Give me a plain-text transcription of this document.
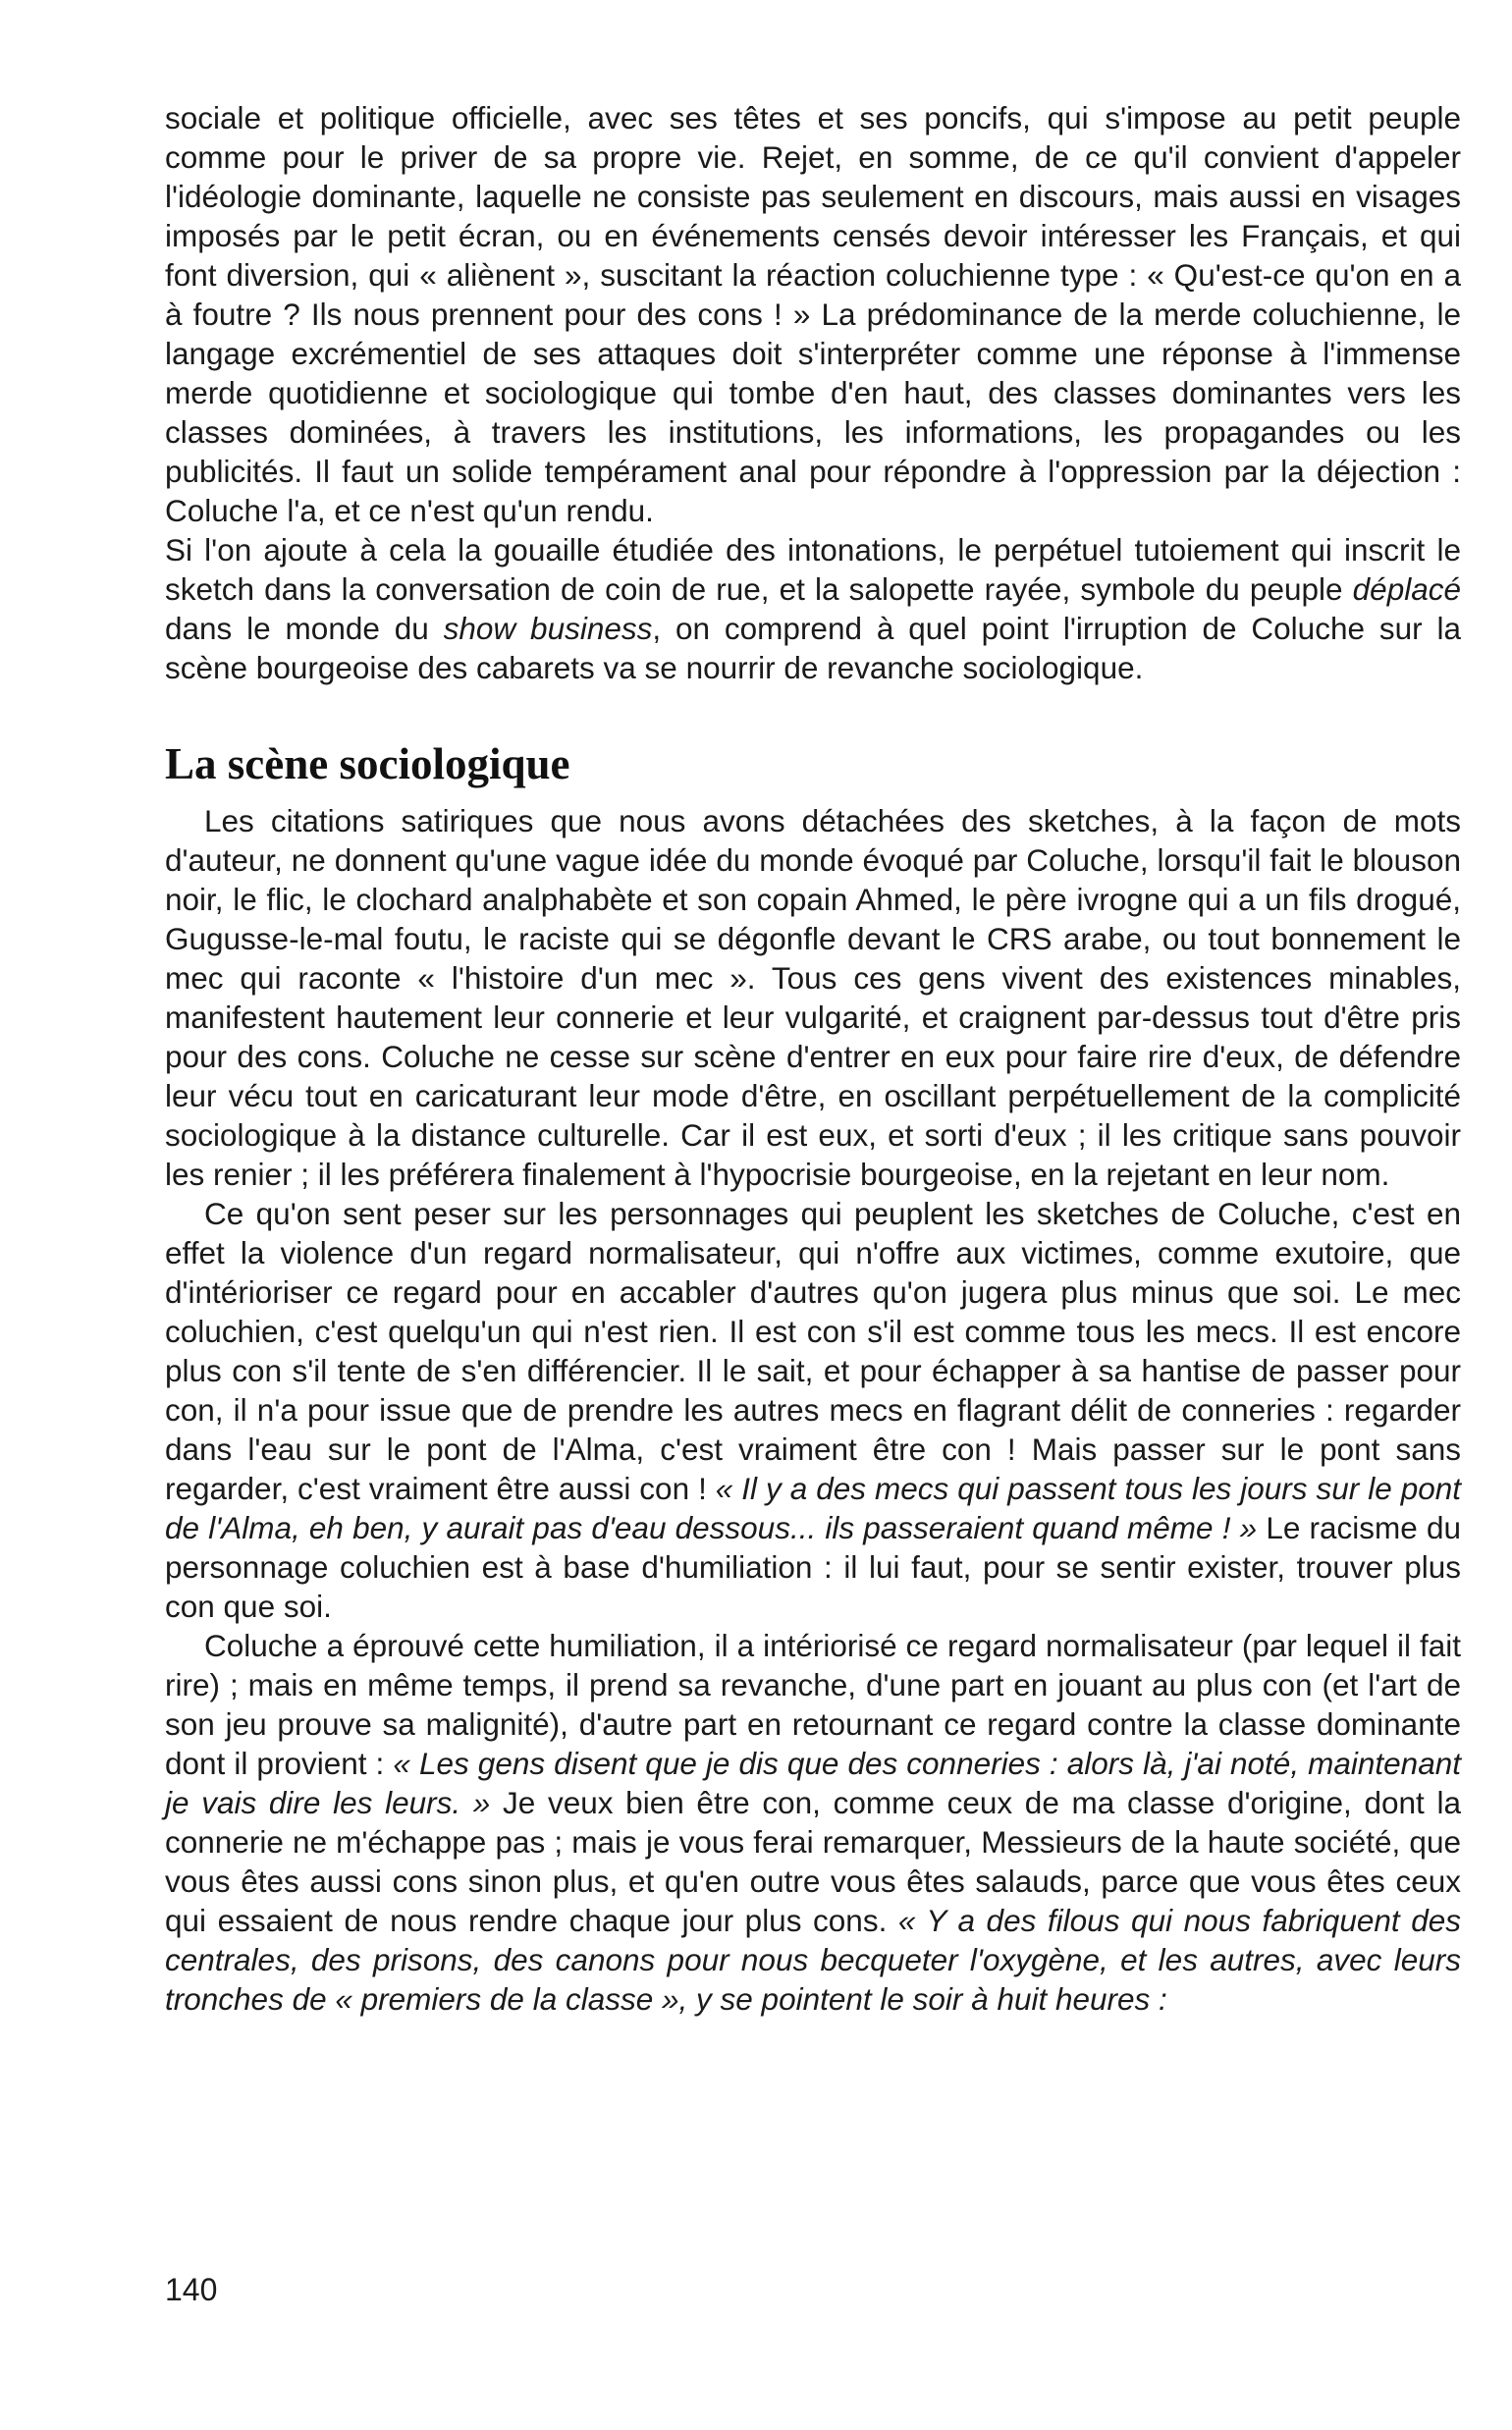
sociale et politique officielle, avec ses têtes et ses poncifs, qui s'impose au petit peuple comme pour le priver de sa propre vie. Rejet, en somme, de ce qu'il convient d'appeler l'idéologie dominante, laquelle ne consiste pas seulement en discours, mais aussi en visages imposés par le petit écran, ou en événements censés devoir intéresser les Français, et qui font diversion, qui « aliènent », suscitant la réaction coluchienne type : « Qu'est-ce qu'on en a à foutre ? Ils nous prennent pour des cons ! » La prédominance de la merde coluchienne, le langage excrémentiel de ses attaques doit s'interpréter comme une réponse à l'immense merde quotidienne et sociologique qui tombe d'en haut, des classes dominantes vers les classes dominées, à travers les institutions, les informations, les propagandes ou les publicités. Il faut un solide tempérament anal pour répondre à l'oppression par la déjection : Coluche l'a, et ce n'est qu'un rendu.

Si l'on ajoute à cela la gouaille étudiée des intonations, le perpétuel tutoiement qui inscrit le sketch dans la conversation de coin de rue, et la salopette rayée, symbole du peuple déplacé dans le monde du show business, on comprend à quel point l'irruption de Coluche sur la scène bourgeoise des cabarets va se nourrir de revanche sociologique.

La scène sociologique

Les citations satiriques que nous avons détachées des sketches, à la façon de mots d'auteur, ne donnent qu'une vague idée du monde évoqué par Coluche, lorsqu'il fait le blouson noir, le flic, le clochard analphabète et son copain Ahmed, le père ivrogne qui a un fils drogué, Gugusse-le-mal foutu, le raciste qui se dégonfle devant le CRS arabe, ou tout bonnement le mec qui raconte « l'histoire d'un mec ». Tous ces gens vivent des existences minables, manifestent hautement leur connerie et leur vulgarité, et craignent par-dessus tout d'être pris pour des cons. Coluche ne cesse sur scène d'entrer en eux pour faire rire d'eux, de défendre leur vécu tout en caricaturant leur mode d'être, en oscillant perpétuellement de la complicité sociologique à la distance culturelle. Car il est eux, et sorti d'eux ; il les critique sans pouvoir les renier ; il les préférera finalement à l'hypocrisie bourgeoise, en la rejetant en leur nom.

Ce qu'on sent peser sur les personnages qui peuplent les sketches de Coluche, c'est en effet la violence d'un regard normalisateur, qui n'offre aux victimes, comme exutoire, que d'intérioriser ce regard pour en accabler d'autres qu'on jugera plus minus que soi. Le mec coluchien, c'est quelqu'un qui n'est rien. Il est con s'il est comme tous les mecs. Il est encore plus con s'il tente de s'en différencier. Il le sait, et pour échapper à sa hantise de passer pour con, il n'a pour issue que de prendre les autres mecs en flagrant délit de conneries : regarder dans l'eau sur le pont de l'Alma, c'est vraiment être con ! Mais passer sur le pont sans regarder, c'est vraiment être aussi con ! « Il y a des mecs qui passent tous les jours sur le pont de l'Alma, eh ben, y aurait pas d'eau dessous... ils passeraient quand même ! » Le racisme du personnage coluchien est à base d'humiliation : il lui faut, pour se sentir exister, trouver plus con que soi.

Coluche a éprouvé cette humiliation, il a intériorisé ce regard normalisateur (par lequel il fait rire) ; mais en même temps, il prend sa revanche, d'une part en jouant au plus con (et l'art de son jeu prouve sa malignité), d'autre part en retournant ce regard contre la classe dominante dont il provient : « Les gens disent que je dis que des conneries : alors là, j'ai noté, maintenant je vais dire les leurs. » Je veux bien être con, comme ceux de ma classe d'origine, dont la connerie ne m'échappe pas ; mais je vous ferai remarquer, Messieurs de la haute société, que vous êtes aussi cons sinon plus, et qu'en outre vous êtes salauds, parce que vous êtes ceux qui essaient de nous rendre chaque jour plus cons. « Y a des filous qui nous fabriquent des centrales, des prisons, des canons pour nous becqueter l'oxygène, et les autres, avec leurs tronches de « premiers de la classe », y se pointent le soir à huit heures :

140
